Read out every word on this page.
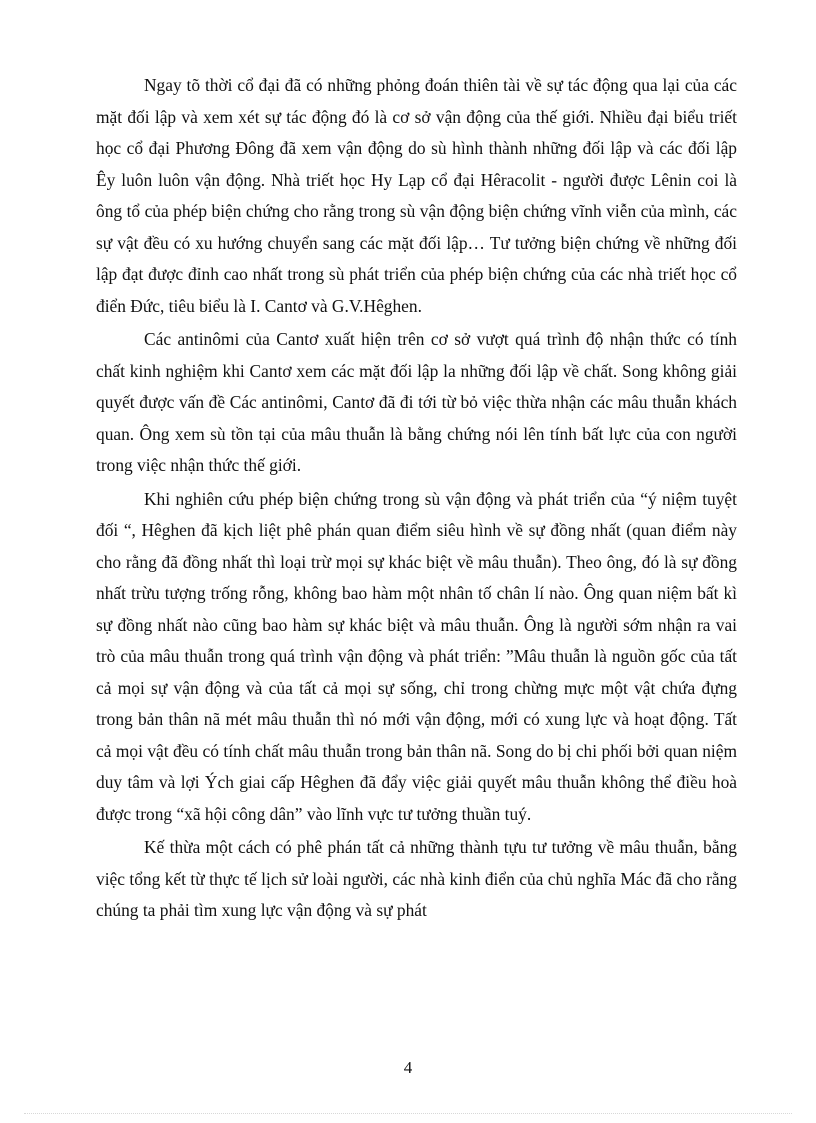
Ngay tõ thời cổ đại đã có những phỏng đoán thiên tài về sự tác động qua lại của các mặt đối lập và xem xét sự tác động đó là cơ sở vận động của thế giới. Nhiều đại biểu triết học cổ đại Phương Đông đã xem vận động do sù hình thành những đối lập và các đối lập Êy luôn luôn vận động. Nhà triết học Hy Lạp cổ đại Hêracolit - người được Lênin coi là ông tổ của phép biện chứng cho rằng trong sù vận động biện chứng vĩnh viễn của mình, các sự vật đều có xu hướng chuyển sang các mặt đối lập… Tư tưởng biện chứng về những đối lập đạt được đỉnh cao nhất trong sù phát triển của phép biện chứng của các nhà triết học cổ điển Đức, tiêu biểu là I. Cantơ và G.V.Hêghen.

Các antinômi của Cantơ xuất hiện trên cơ sở vượt quá trình độ nhận thức có tính chất kinh nghiệm khi Cantơ xem các mặt đối lập la những đối lập về chất. Song không giải quyết được vấn đề Các antinômi, Cantơ đã đi tới từ bỏ việc thừa nhận các mâu thuẫn khách quan. Ông xem sù tồn tại của mâu thuẫn là bằng chứng nói lên tính bất lực của con người trong việc nhận thức thế giới.

Khi nghiên cứu phép biện chứng trong sù vận động và phát triển của “ý niệm tuyệt đối “, Hêghen đã kịch liệt phê phán quan điểm siêu hình về sự đồng nhất (quan điểm này cho rằng đã đồng nhất thì loại trừ mọi sự khác biệt về mâu thuẫn). Theo ông, đó là sự đồng nhất trừu tượng trống rỗng, không bao hàm một nhân tố chân lí nào. Ông quan niệm bất kì sự đồng nhất nào cũng bao hàm sự khác biệt và mâu thuẫn. Ông là người sớm nhận ra vai trò của mâu thuẫn trong quá trình vận động và phát triển: ”Mâu thuẫn là nguồn gốc của tất cả mọi sự vận động và của tất cả mọi sự sống, chỉ trong chừng mực một vật chứa đựng trong bản thân nã mét mâu thuẫn thì nó mới vận động, mới có xung lực và hoạt động. Tất cả mọi vật đều có tính chất mâu thuẫn trong bản thân nã. Song do bị chi phối bởi quan niệm duy tâm và lợi Ých giai cấp Hêghen đã đẩy việc giải quyết mâu thuẫn không thể điều hoà được trong “xã hội công dân” vào lĩnh vực tư tưởng thuần tuý.

Kế thừa một cách có phê phán tất cả những thành tựu tư tưởng về mâu thuẫn, bằng việc tổng kết từ thực tế lịch sử loài người, các nhà kinh điển của chủ nghĩa Mác đã cho rằng chúng ta phải tìm xung lực vận động và sự phát

4
